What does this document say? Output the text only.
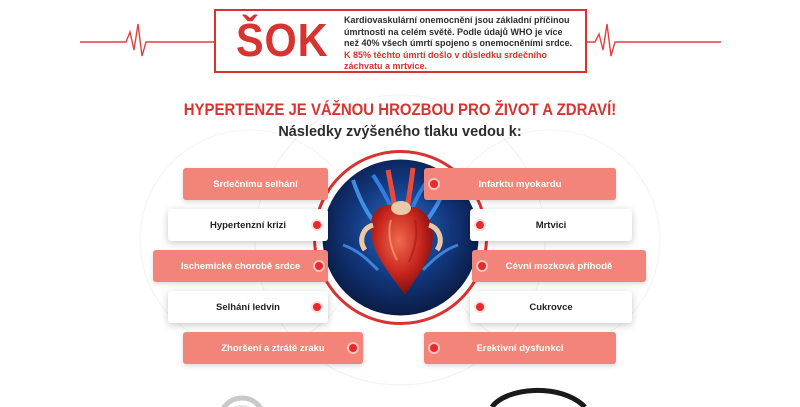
ŠOK Kardiovaskulární onemocnění jsou základní příčinou úmrtnosti na celém světě. Podle údajů WHO je více než 40% všech úmrtí spojeno s onemocněními srdce. K 85% těchto úmrtí došlo v důsledku srdečního záchvatu a mrtvice.
HYPERTENZE JE VÁŽNOU HROZBOU PRO ŽIVOT A ZDRAVÍ!
Následky zvýšeného tlaku vedou k:
Srdečnímu selhání
Hypertenzní krizi
Ischemické chorobě srdce
Selhání ledvin
Zhoršení a ztrátě zraku
Infarktu myokardu
Mrtvici
Cévní mozková příhodě
Cukrovce
Erektivní dysfunkci
